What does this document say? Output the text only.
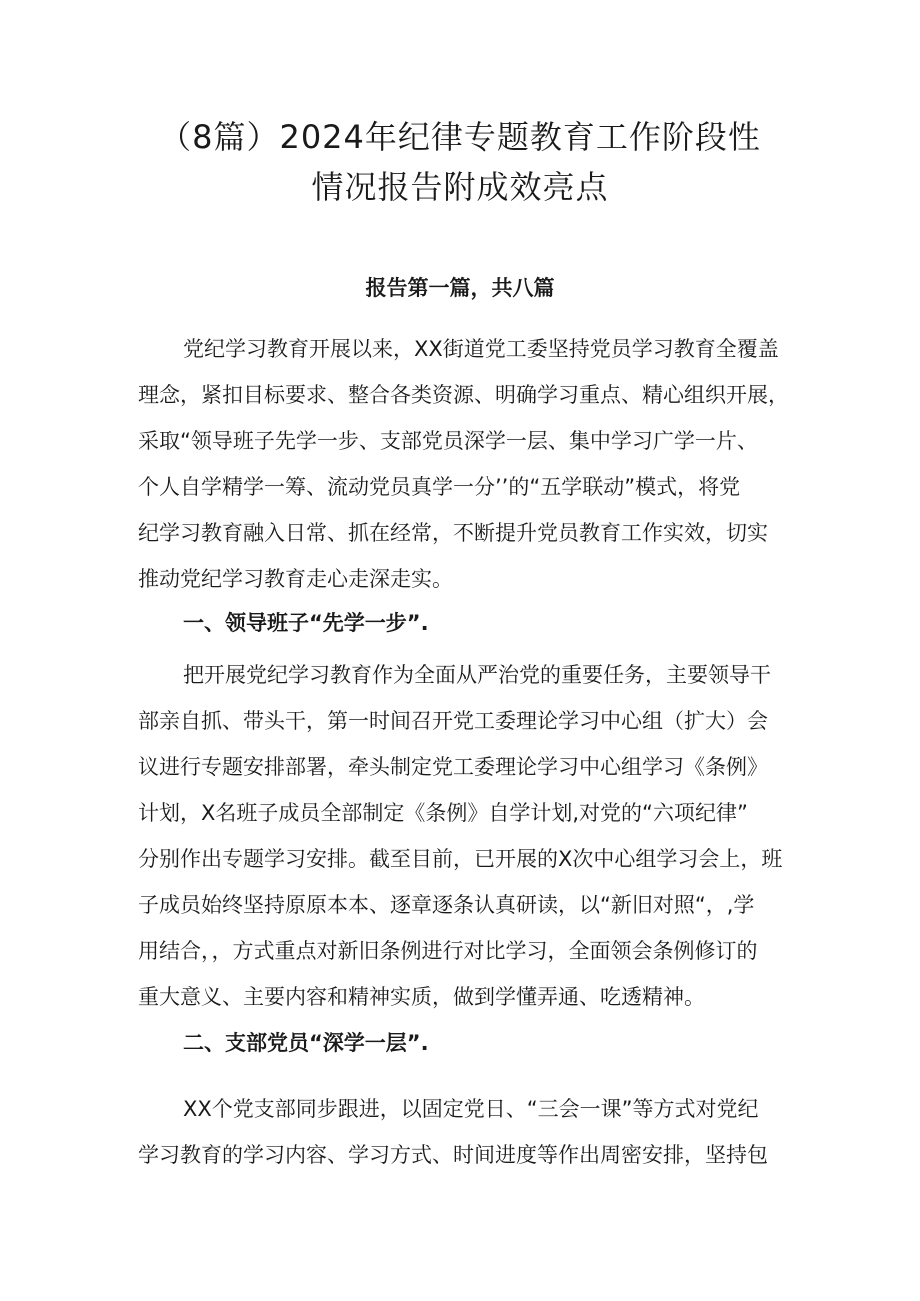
（8篇）2024年纪律专题教育工作阶段性
情况报告附成效亮点

报告第一篇，共八篇

党纪学习教育开展以来，XX街道党工委坚持党员学习教育全覆盖
理念，紧扣目标要求、整合各类资源、明确学习重点、精心组织开展，
采取“领导班子先学一步、支部党员深学一层、集中学习广学一片、
个人自学精学一筹、流动党员真学一分’’的“五学联动”模式，将党
纪学习教育融入日常、抓在经常，不断提升党员教育工作实效，切实
推动党纪学习教育走心走深走实。

一、领导班子“先学一步”.

把开展党纪学习教育作为全面从严治党的重要任务，主要领导干
部亲自抓、带头干，第一时间召开党工委理论学习中心组（扩大）会
议进行专题安排部署，牵头制定党工委理论学习中心组学习《条例》
计划，X名班子成员全部制定《条例》自学计划,对党的“六项纪律”
分别作出专题学习安排。截至目前，已开展的X次中心组学习会上，班
子成员始终坚持原原本本、逐章逐条认真研读，以“新旧对照“，,学
用结合，，方式重点对新旧条例进行对比学习，全面领会条例修订的
重大意义、主要内容和精神实质，做到学懂弄通、吃透精神。

二、支部党员“深学一层”.

XX个党支部同步跟进，以固定党日、“三会一课”等方式对党纪
学习教育的学习内容、学习方式、时间进度等作出周密安排，坚持包
